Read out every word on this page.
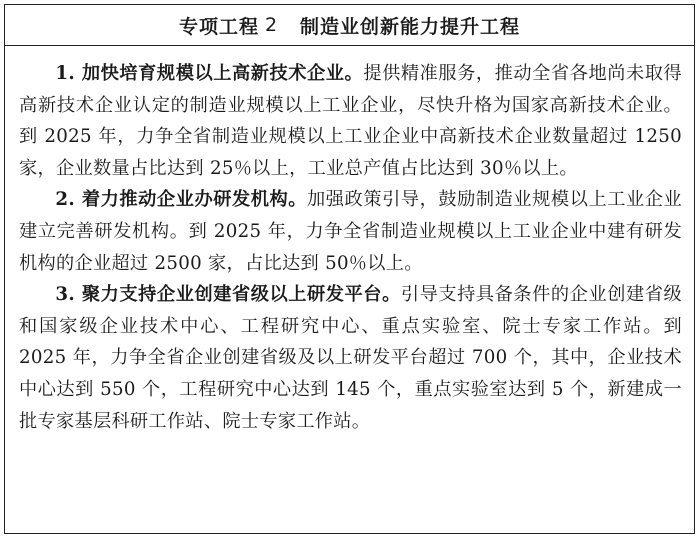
专项工程 2 制造业创新能力提升工程

1. 加快培育规模以上高新技术企业。提供精准服务，推动全省各地尚未取得高新技术企业认定的制造业规模以上工业企业，尽快升格为国家高新技术企业。到 2025 年，力争全省制造业规模以上工业企业中高新技术企业数量超过 1250 家，企业数量占比达到 25％以上，工业总产值占比达到 30％以上。

2. 着力推动企业办研发机构。加强政策引导，鼓励制造业规模以上工业企业建立完善研发机构。到 2025 年，力争全省制造业规模以上工业企业中建有研发机构的企业超过 2500 家，占比达到 50％以上。

3. 聚力支持企业创建省级以上研发平台。引导支持具备条件的企业创建省级和国家级企业技术中心、工程研究中心、重点实验室、院士专家工作站。到 2025 年，力争全省企业创建省级及以上研发平台超过 700 个，其中，企业技术中心达到 550 个，工程研究中心达到 145 个，重点实验室达到 5 个，新建成一批专家基层科研工作站、院士专家工作站。
